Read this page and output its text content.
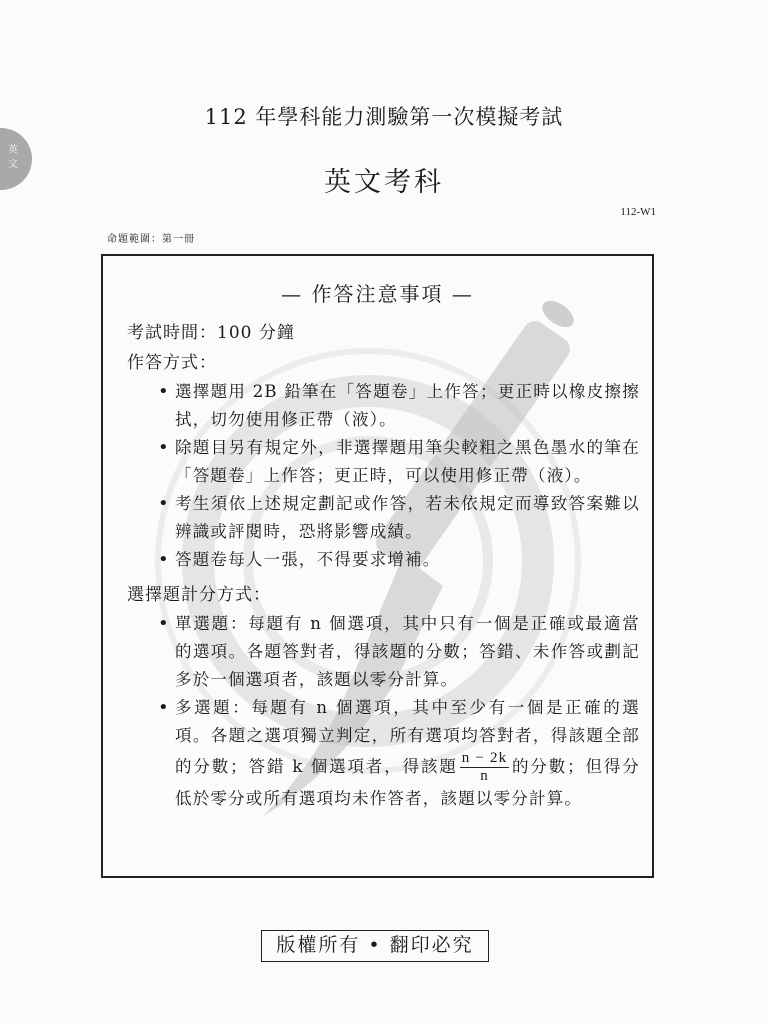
英
文
112 年學科能力測驗第一次模擬考試
英文考科
112-W1
命題範圍：第一冊
— 作答注意事項 —
考試時間：100 分鐘
作答方式：
• 選擇題用 2B 鉛筆在「答題卷」上作答；更正時以橡皮擦擦拭，切勿使用修正帶（液）。
• 除題目另有規定外，非選擇題用筆尖較粗之黑色墨水的筆在「答題卷」上作答；更正時，可以使用修正帶（液）。
• 考生須依上述規定劃記或作答，若未依規定而導致答案難以辨識或評閱時，恐將影響成績。
• 答題卷每人一張，不得要求增補。
選擇題計分方式：
• 單選題：每題有 n 個選項，其中只有一個是正確或最適當的選項。各題答對者，得該題的分數；答錯、未作答或劃記多於一個選項者，該題以零分計算。
• 多選題：每題有 n 個選項，其中至少有一個是正確的選項。各題之選項獨立判定，所有選項均答對者，得該題全部的分數；答錯 k 個選項者，得該題 $\frac{n - 2k}{n}$ 的分數；但得分低於零分或所有選項均未作答者，該題以零分計算。
版權所有 • 翻印必究
